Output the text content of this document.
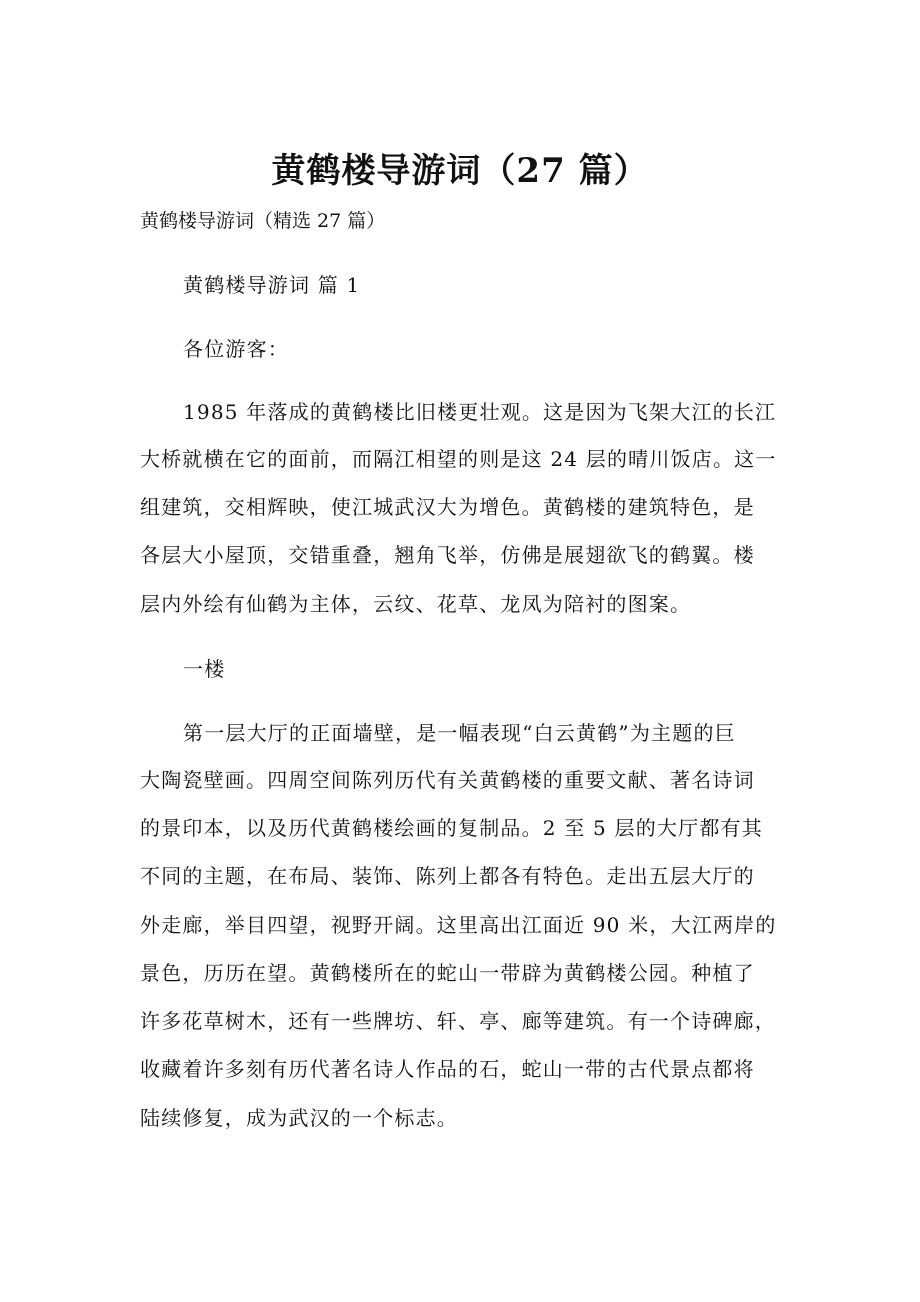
黄鹤楼导游词（27 篇）
黄鹤楼导游词（精选 27 篇）
黄鹤楼导游词 篇 1
各位游客：
1985 年落成的黄鹤楼比旧楼更壮观。这是因为飞架大江的长江
大桥就横在它的面前，而隔江相望的则是这 24 层的晴川饭店。这一
组建筑，交相辉映，使江城武汉大为增色。黄鹤楼的建筑特色，是
各层大小屋顶，交错重叠，翘角飞举，仿佛是展翅欲飞的鹤翼。楼
层内外绘有仙鹤为主体，云纹、花草、龙凤为陪衬的图案。
一楼
第一层大厅的正面墙壁，是一幅表现“白云黄鹤”为主题的巨
大陶瓷壁画。四周空间陈列历代有关黄鹤楼的重要文献、著名诗词
的景印本，以及历代黄鹤楼绘画的复制品。2 至 5 层的大厅都有其
不同的主题，在布局、装饰、陈列上都各有特色。走出五层大厅的
外走廊，举目四望，视野开阔。这里高出江面近 90 米，大江两岸的
景色，历历在望。黄鹤楼所在的蛇山一带辟为黄鹤楼公园。种植了
许多花草树木，还有一些牌坊、轩、亭、廊等建筑。有一个诗碑廊，
收藏着许多刻有历代著名诗人作品的石，蛇山一带的古代景点都将
陆续修复，成为武汉的一个标志。
